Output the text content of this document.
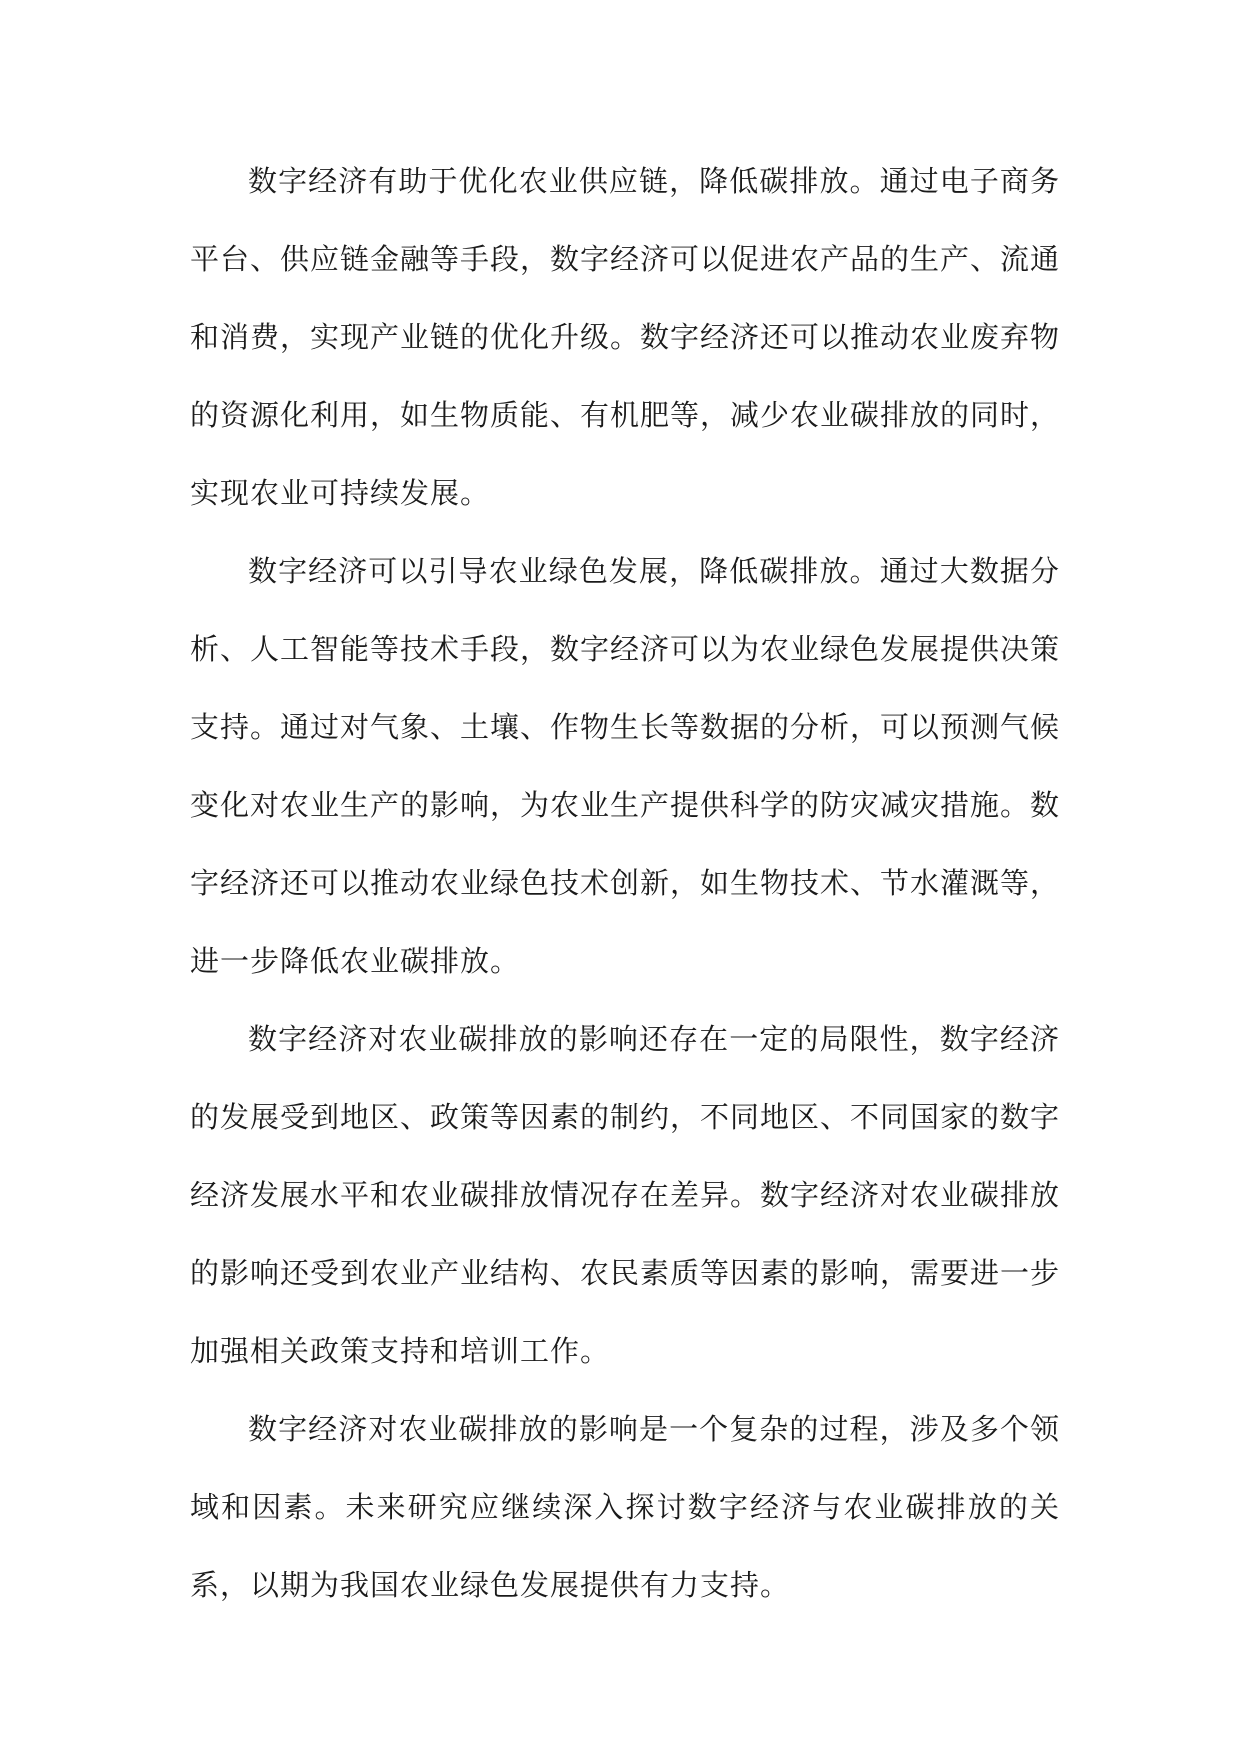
数字经济有助于优化农业供应链，降低碳排放。通过电子商务平台、供应链金融等手段，数字经济可以促进农产品的生产、流通和消费，实现产业链的优化升级。数字经济还可以推动农业废弃物的资源化利用，如生物质能、有机肥等，减少农业碳排放的同时，实现农业可持续发展。

数字经济可以引导农业绿色发展，降低碳排放。通过大数据分析、人工智能等技术手段，数字经济可以为农业绿色发展提供决策支持。通过对气象、土壤、作物生长等数据的分析，可以预测气候变化对农业生产的影响，为农业生产提供科学的防灾减灾措施。数字经济还可以推动农业绿色技术创新，如生物技术、节水灌溉等，进一步降低农业碳排放。

数字经济对农业碳排放的影响还存在一定的局限性，数字经济的发展受到地区、政策等因素的制约，不同地区、不同国家的数字经济发展水平和农业碳排放情况存在差异。数字经济对农业碳排放的影响还受到农业产业结构、农民素质等因素的影响，需要进一步加强相关政策支持和培训工作。

数字经济对农业碳排放的影响是一个复杂的过程，涉及多个领域和因素。未来研究应继续深入探讨数字经济与农业碳排放的关系，以期为我国农业绿色发展提供有力支持。
